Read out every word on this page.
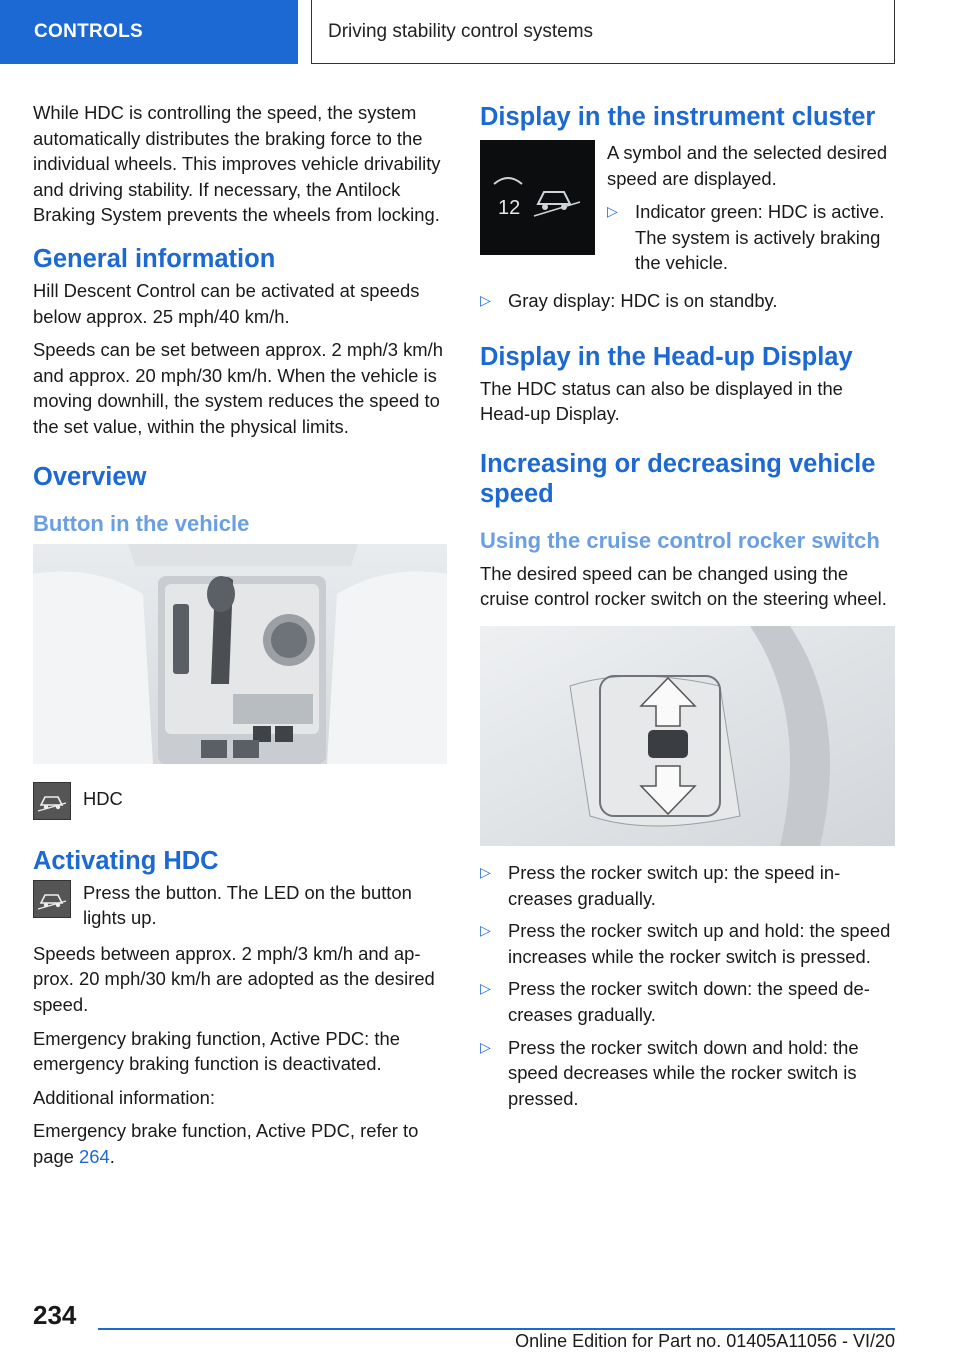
CONTROLS	Driving stability control systems

While HDC is controlling the speed, the system automatically distributes the braking force to the individual wheels. This improves vehicle drivability and driving stability. If necessary, the Antilock Braking System prevents the wheels from locking.

General information

Hill Descent Control can be activated at speeds below approx. 25 mph/40 km/h.

Speeds can be set between approx. 2 mph/3 km/h and approx. 20 mph/30 km/h. When the vehicle is moving downhill, the system reduces the speed to the set value, within the physical limits.

Overview
Button in the vehicle
HDC
Activating HDC
Press the button. The LED on the button lights up.

Speeds between approx. 2 mph/3 km/h and approx. 20 mph/30 km/h are adopted as the desired speed.

Emergency braking function, Active PDC: the emergency braking function is deactivated.

Additional information:

Emergency brake function, Active PDC, refer to page 264.

Display in the instrument cluster
12

A symbol and the selected desired speed are displayed.

▷ Indicator green: HDC is active. The system is actively braking the vehicle.
▷ Gray display: HDC is on standby.
Display in the Head-up Display

The HDC status can also be displayed in the Head-up Display.

Increasing or decreasing vehicle speed
Using the cruise control rocker switch

The desired speed can be changed using the cruise control rocker switch on the steering wheel.

▷ Press the rocker switch up: the speed increases gradually.
▷ Press the rocker switch up and hold: the speed increases while the rocker switch is pressed.
▷ Press the rocker switch down: the speed decreases gradually.
▷ Press the rocker switch down and hold: the speed decreases while the rocker switch is pressed.
234
Online Edition for Part no. 01405A11056 - VI/20
